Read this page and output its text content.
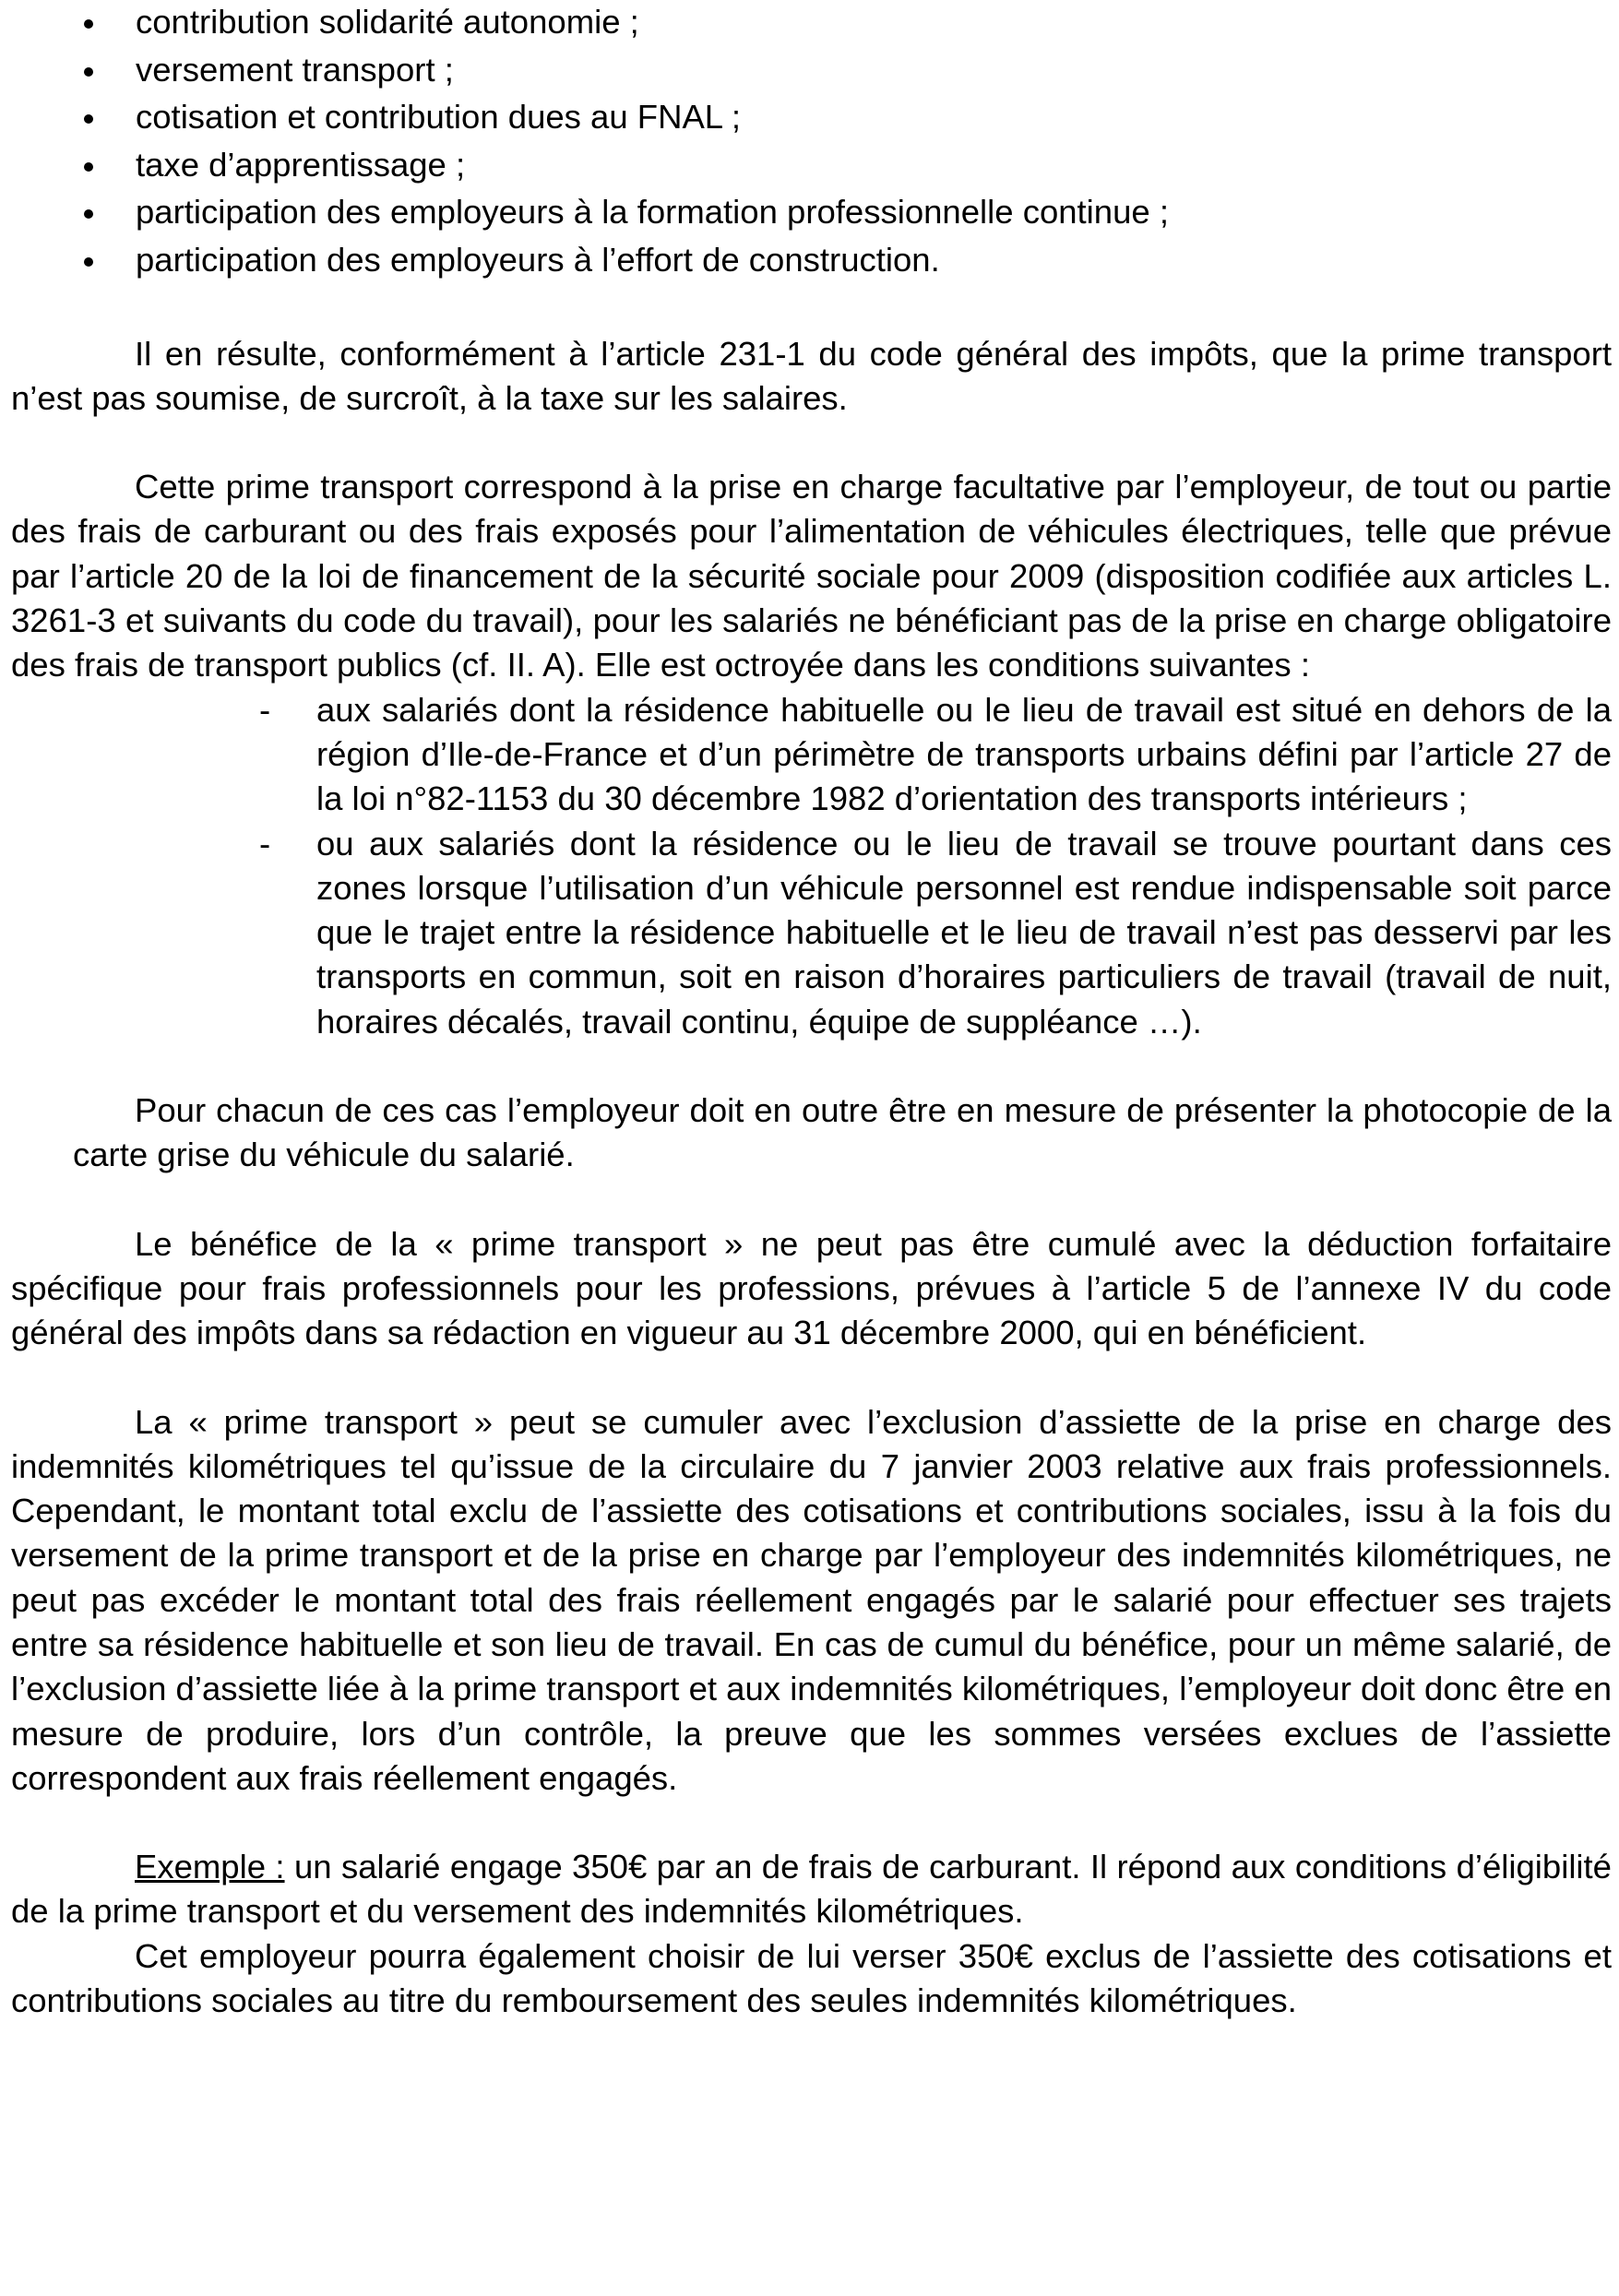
contribution solidarité autonomie ;
versement transport ;
cotisation et contribution dues au FNAL ;
taxe d’apprentissage ;
participation des employeurs à la formation professionnelle continue ;
participation des employeurs à l’effort de construction.

Il en résulte, conformément à l’article 231-1 du code général des impôts, que la prime transport n’est pas soumise, de surcroît, à la taxe sur les salaires.

Cette prime transport correspond à la prise en charge facultative par l’employeur, de tout ou partie des frais de carburant ou des frais exposés pour l’alimentation de véhicules électriques, telle que prévue par l’article 20 de la loi de financement de la sécurité sociale pour 2009 (disposition codifiée aux articles L. 3261-3 et suivants du code du travail), pour les salariés ne bénéficiant pas de la prise en charge obligatoire des frais de transport publics (cf. II. A). Elle est octroyée dans les conditions suivantes :

- aux salariés dont la résidence habituelle ou le lieu de travail est situé en dehors de la région d’Ile-de-France et d’un périmètre de transports urbains défini par l’article 27 de la loi n°82-1153 du 30 décembre 1982 d’orientation des transports intérieurs ;
- ou aux salariés dont la résidence ou le lieu de travail se trouve pourtant dans ces zones lorsque l’utilisation d’un véhicule personnel est rendue indispensable soit parce que le trajet entre la résidence habituelle et le lieu de travail n’est pas desservi par les transports en commun, soit en raison d’horaires particuliers de travail (travail de nuit, horaires décalés, travail continu, équipe de suppléance …).

Pour chacun de ces cas l’employeur doit en outre être en mesure de présenter la photocopie de la carte grise du véhicule du salarié.

Le bénéfice de la « prime transport » ne peut pas être cumulé avec la déduction forfaitaire spécifique pour frais professionnels pour les professions, prévues à l’article 5 de l’annexe IV du code général des impôts dans sa rédaction en vigueur au 31 décembre 2000, qui en bénéficient.

La « prime transport » peut se cumuler avec l’exclusion d’assiette de la prise en charge des indemnités kilométriques tel qu’issue de la circulaire du 7 janvier 2003 relative aux frais professionnels. Cependant, le montant total exclu de l’assiette des cotisations et contributions sociales, issu à la fois du versement de la prime transport et de la prise en charge par l’employeur des indemnités kilométriques, ne peut pas excéder le montant total des frais réellement engagés par le salarié pour effectuer ses trajets entre sa résidence habituelle et son lieu de travail. En cas de cumul du bénéfice, pour un même salarié, de l’exclusion d’assiette liée à la prime transport et aux indemnités kilométriques, l’employeur doit donc être en mesure de produire, lors d’un contrôle, la preuve que les sommes versées exclues de l’assiette correspondent aux frais réellement engagés.

Exemple : un salarié engage 350€ par an de frais de carburant. Il répond aux conditions d’éligibilité de la prime transport et du versement des indemnités kilométriques.

Cet employeur pourra également choisir de lui verser 350€ exclus de l’assiette des cotisations et contributions sociales au titre du remboursement des seules indemnités kilométriques.
